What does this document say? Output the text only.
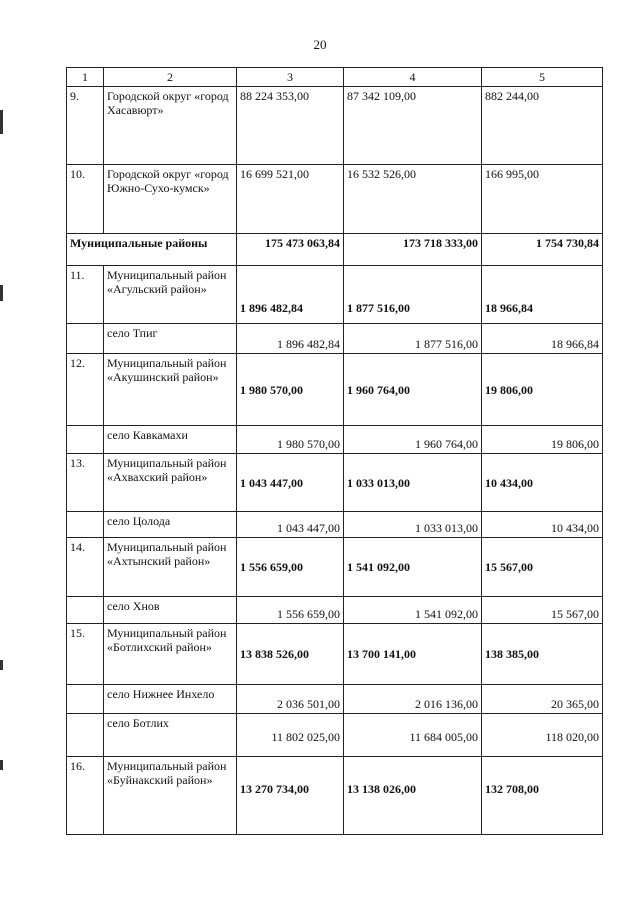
20
1	2	3	4	5
9.	Городской округ «город Хасавюрт»	88 224 353,00	87 342 109,00	882 244,00
10.	Городской округ «город Южно-Сухо-кумск»	16 699 521,00	16 532 526,00	166 995,00
Муниципальные районы		175 473 063,84	173 718 333,00	1 754 730,84
11.	Муниципальный район «Агульский район»	1 896 482,84	1 877 516,00	18 966,84
	село Тпиг	1 896 482,84	1 877 516,00	18 966,84
12.	Муниципальный район «Акушинский район»	1 980 570,00	1 960 764,00	19 806,00
	село Кавкамахи	1 980 570,00	1 960 764,00	19 806,00
13.	Муниципальный район «Ахвахский район»	1 043 447,00	1 033 013,00	10 434,00
	село Цолода	1 043 447,00	1 033 013,00	10 434,00
14.	Муниципальный район «Ахтынский район»	1 556 659,00	1 541 092,00	15 567,00
	село Хнов	1 556 659,00	1 541 092,00	15 567,00
15.	Муниципальный район «Ботлихский район»	13 838 526,00	13 700 141,00	138 385,00
	село Нижнее Инхело	2 036 501,00	2 016 136,00	20 365,00
	село Ботлих	11 802 025,00	11 684 005,00	118 020,00
16.	Муниципальный район «Буйнакский район»	13 270 734,00	13 138 026,00	132 708,00
